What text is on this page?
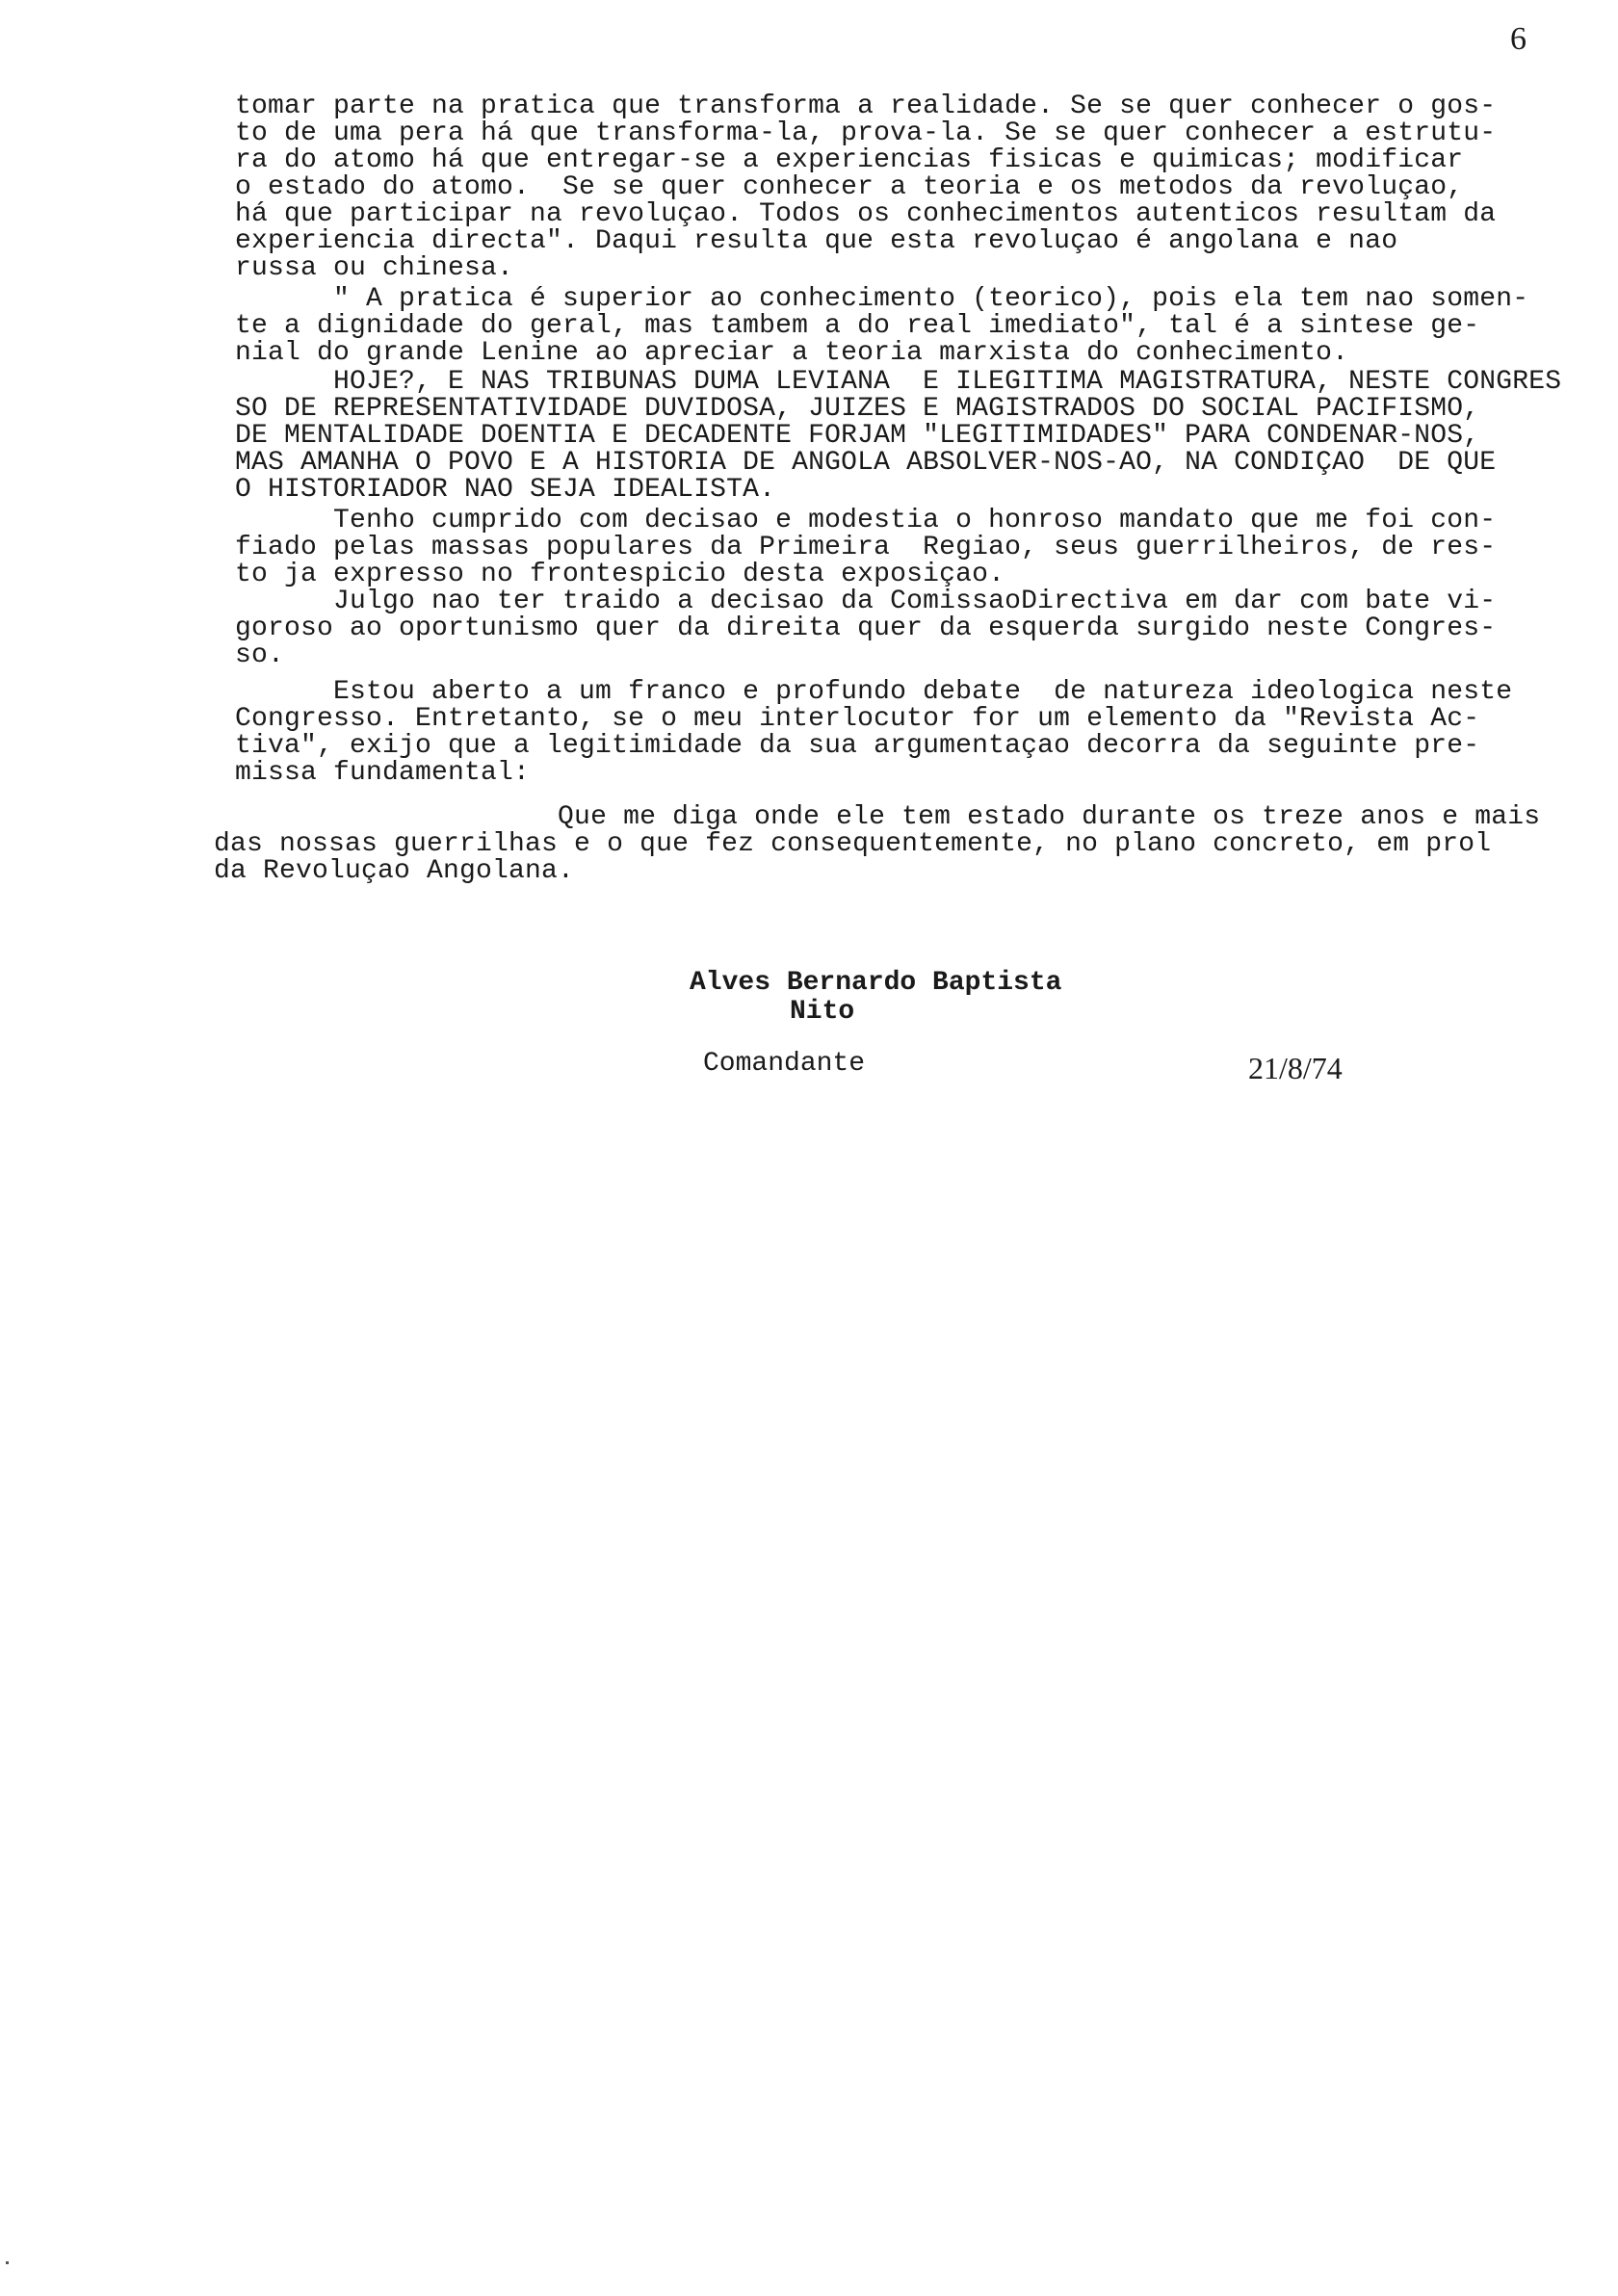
6
tomar parte na pratica que transforma a realidade. Se se quer conhecer o gos-
to de uma pera há que transforma-la, prova-la. Se se quer conhecer a estrutu-
ra do atomo há que entregar-se a experiencias fisicas e quimicas; modificar
o estado do atomo.  Se se quer conhecer a teoria e os metodos da revoluçao,
há que participar na revoluçao. Todos os conhecimentos autenticos resultam da
experiencia directa". Daqui resulta que esta revoluçao é angolana e nao
russa ou chinesa.
" A pratica é superior ao conhecimento (teorico), pois ela tem nao somen-
te a dignidade do geral, mas tambem a do real imediato", tal é a sintese ge-
nial do grande Lenine ao apreciar a teoria marxista do conhecimento.
HOJE?, E NAS TRIBUNAS DUMA LEVIANA  E ILEGITIMA MAGISTRATURA, NESTE CONGRES
SO DE REPRESENTATIVIDADE DUVIDOSA, JUIZES E MAGISTRADOS DO SOCIAL PACIFISMO,
DE MENTALIDADE DOENTIA E DECADENTE FORJAM "LEGITIMIDADES" PARA CONDENAR-NOS,
MAS AMANHA O POVO E A HISTORIA DE ANGOLA ABSOLVER-NOS-AO, NA CONDIÇAO  DE QUE
O HISTORIADOR NAO SEJA IDEALISTA.
Tenho cumprido com decisao e modestia o honroso mandato que me foi con-
fiado pelas massas populares da Primeira  Regiao, seus guerrilheiros, de res-
to ja expresso no frontespicio desta exposiçao.
Julgo nao ter traido a decisao da ComissaoDirectiva em dar com bate vi-
goroso ao oportunismo quer da direita quer da esquerda surgido neste Congres-
so.
Estou aberto a um franco e profundo debate  de natureza ideologica neste
Congresso. Entretanto, se o meu interlocutor for um elemento da "Revista Ac-
tiva", exijo que a legitimidade da sua argumentaçao decorra da seguinte pre-
missa fundamental:
Que me diga onde ele tem estado durante os treze anos e mais
das nossas guerrilhas e o que fez consequentemente, no plano concreto, em prol
da Revoluçao Angolana.
Alves Bernardo Baptista
Nito
Comandante	21/8/74
